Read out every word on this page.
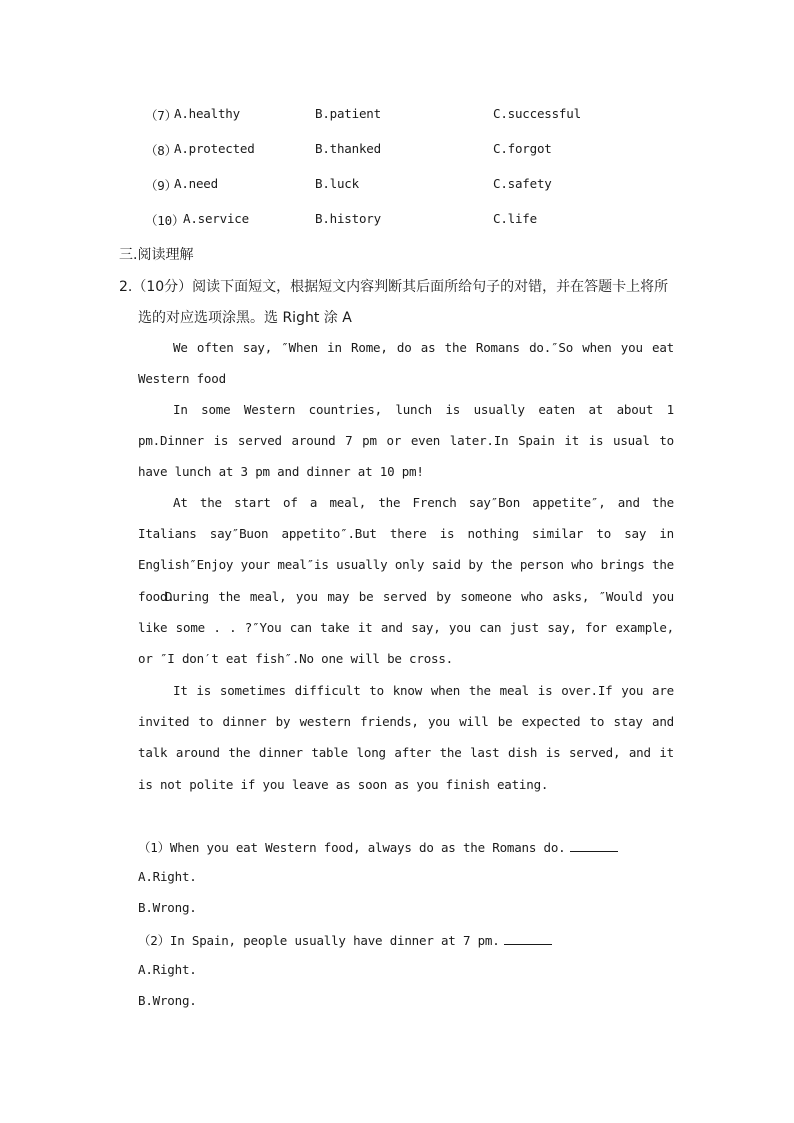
（7）
A.healthy	B.patient	C.successful
（8）
A.protected	B.thanked	C.forgot
（9）
A.need	B.luck	C.safety
（10）
A.service	B.history	C.life
三.阅读理解
2.（10分）阅读下面短文，根据短文内容判断其后面所给句子的对错，并在答题卡上将所
选的对应选项涂黑。选 Right 涂 A
We often say, ″When in Rome, do as the Romans do.″So when you eat Western food
In some Western countries, lunch is usually eaten at about 1 pm.Dinner is served around 7 pm or even later.In Spain it is usual to have lunch at 3 pm and dinner at 10 pm!
At the start of a meal, the French say″Bon appetite″, and the Italians say″Buon appetito″.But there is nothing similar to say in English″Enjoy your meal″is usually only said by the person who brings the food.
During the meal, you may be served by someone who asks, ″Would you like some . . ?″You can take it and say, you can just say, for example, or ″I don′t eat fish″.No one will be cross.
It is sometimes difficult to know when the meal is over.If you are invited to dinner by western friends, you will be expected to stay and talk around the dinner table long after the last dish is served, and it is not polite if you leave as soon as you finish eating.
（1）When you eat Western food, always do as the Romans do.
A.Right.
B.Wrong.
（2）In Spain, people usually have dinner at 7 pm.
A.Right.
B.Wrong.
